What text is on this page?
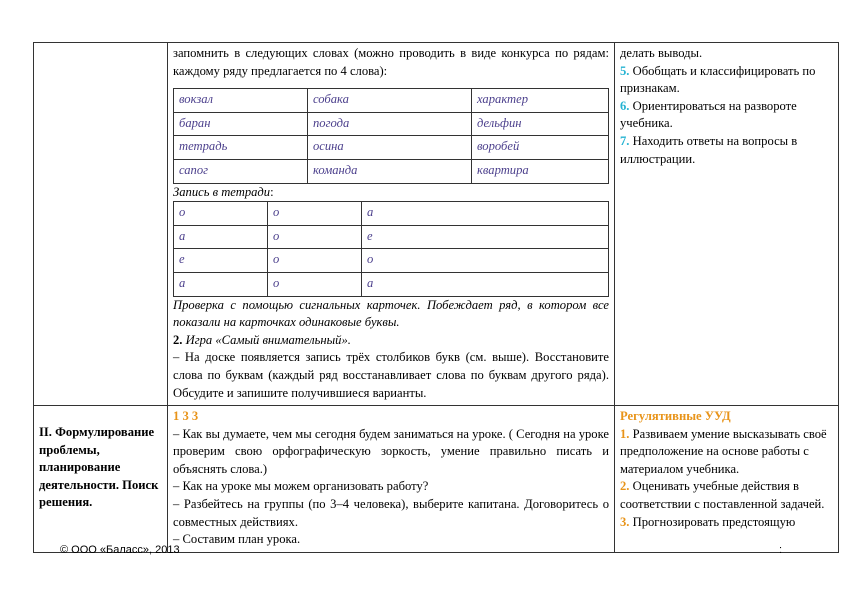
запомнить в следующих словах (можно проводить в виде конкурса по рядам: каждому ряду предлагается по 4 слова):
вокзал	собака	характер
баран	погода	дельфин
тетрадь	осина	воробей
сапог	команда	квартира
Запись в тетради:
о	о	а
а	о	е
е	о	о
а	о	а
Проверка с помощью сигнальных карточек. Побеждает ряд, в котором все показали на карточках одинаковые буквы.
2. Игра «Самый внимательный».
– На доске появляется запись трёх столбиков букв (см. выше). Восстановите слова по буквам (каждый ряд восстанавливает слова по буквам другого ряда). Обсудите и запишите получившиеся варианты.

делать выводы.
5. Обобщать и классифицировать по признакам.
6. Ориентироваться на развороте учебника.
7. Находить ответы на вопросы в иллюстрации.

II. Формулирование проблемы, планирование деятельности. Поиск решения.

1 3 3
– Как вы думаете, чем мы сегодня будем заниматься на уроке. ( Сегодня на уроке проверим свою орфографическую зоркость, умение правильно писать и объяснять слова.)
– Как на уроке мы можем организовать работу?
– Разбейтесь на группы (по 3–4 человека), выберите капитана. Договоритесь о совместных действиях.
– Составим план урока.

Регулятивные УУД
1. Развиваем умение высказывать своё предположение на основе работы с материалом учебника.
2. Оценивать учебные действия в соответствии с поставленной задачей.
3. Прогнозировать предстоящую
© ООО «Баласс», 2013	:
